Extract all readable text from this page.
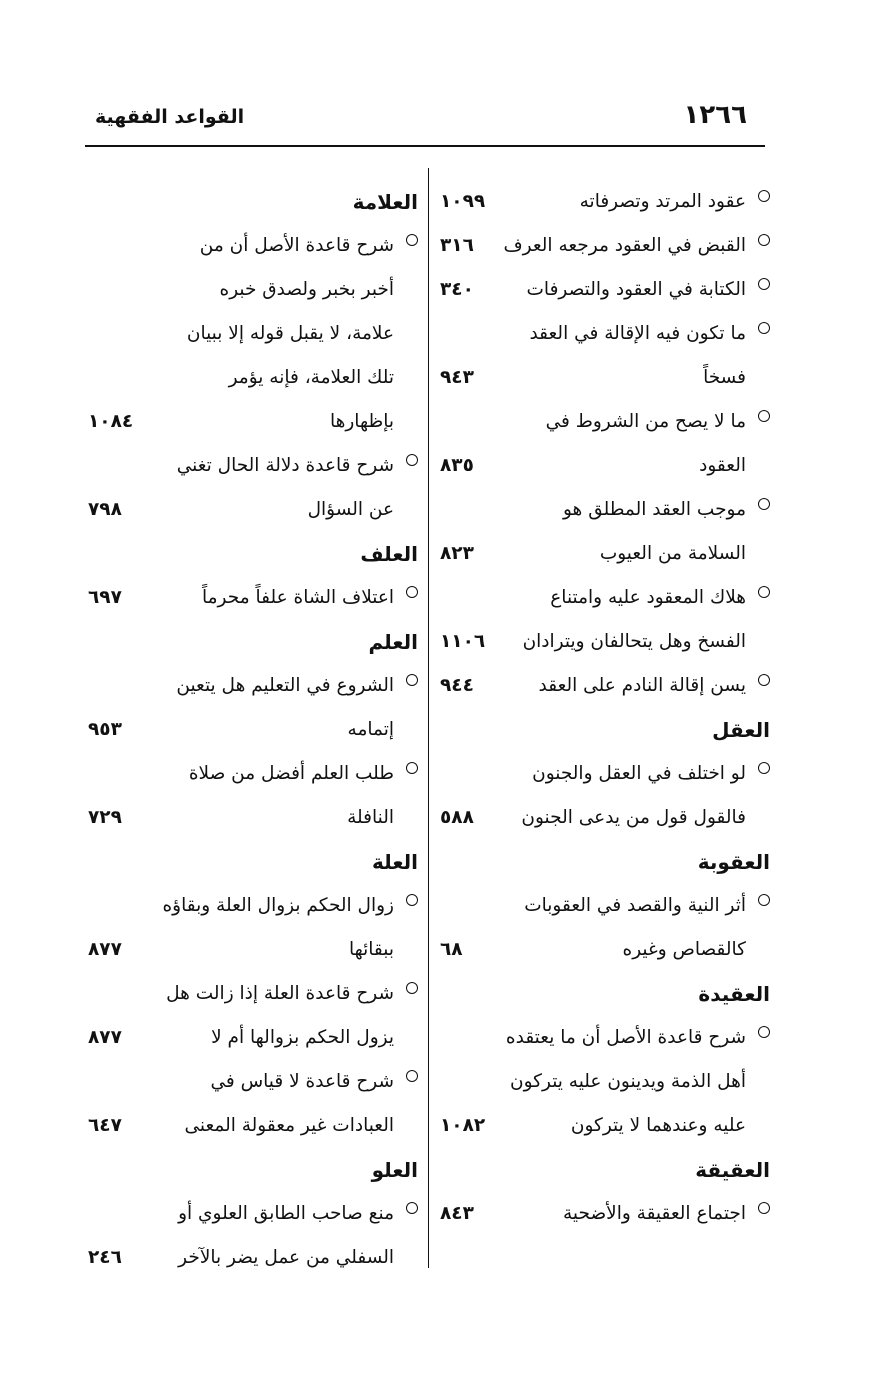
١٢٦٦
القواعد الفقهية
عقود المرتد وتصرفاته
١٠٩٩
القبض في العقود مرجعه العرف
٣١٦
الكتابة في العقود والتصرفات
٣٤٠
ما تكون فيه الإقالة في العقد
فسخاً
٩٤٣
ما لا يصح من الشروط في
العقود
٨٣٥
موجب العقد المطلق هو
السلامة من العيوب
٨٢٣
هلاك المعقود عليه وامتناع
الفسخ وهل يتحالفان ويترادان
١١٠٦
يسن إقالة النادم على العقد
٩٤٤
العقل
لو اختلف في العقل والجنون
فالقول قول من يدعى الجنون
٥٨٨
العقوبة
أثر النية والقصد في العقوبات
كالقصاص وغيره
٦٨
العقيدة
شرح قاعدة الأصل أن ما يعتقده
أهل الذمة ويدينون عليه يتركون
عليه وعندهما لا يتركون
١٠٨٢
العقيقة
اجتماع العقيقة والأضحية
٨٤٣
العلامة
شرح قاعدة الأصل أن من
أخبر بخبر ولصدق خبره
علامة، لا يقبل قوله إلا ببيان
تلك العلامة، فإنه يؤمر
بإظهارها
١٠٨٤
شرح قاعدة دلالة الحال تغني
عن السؤال
٧٩٨
العلف
اعتلاف الشاة علفاً محرماً
٦٩٧
العلم
الشروع في التعليم هل يتعين
إتمامه
٩٥٣
طلب العلم أفضل من صلاة
النافلة
٧٢٩
العلة
زوال الحكم بزوال العلة وبقاؤه
ببقائها
٨٧٧
شرح قاعدة العلة إذا زالت هل
يزول الحكم بزوالها أم لا
٨٧٧
شرح قاعدة لا قياس في
العبادات غير معقولة المعنى
٦٤٧
العلو
منع صاحب الطابق العلوي أو
السفلي من عمل يضر بالآخر
٢٤٦
